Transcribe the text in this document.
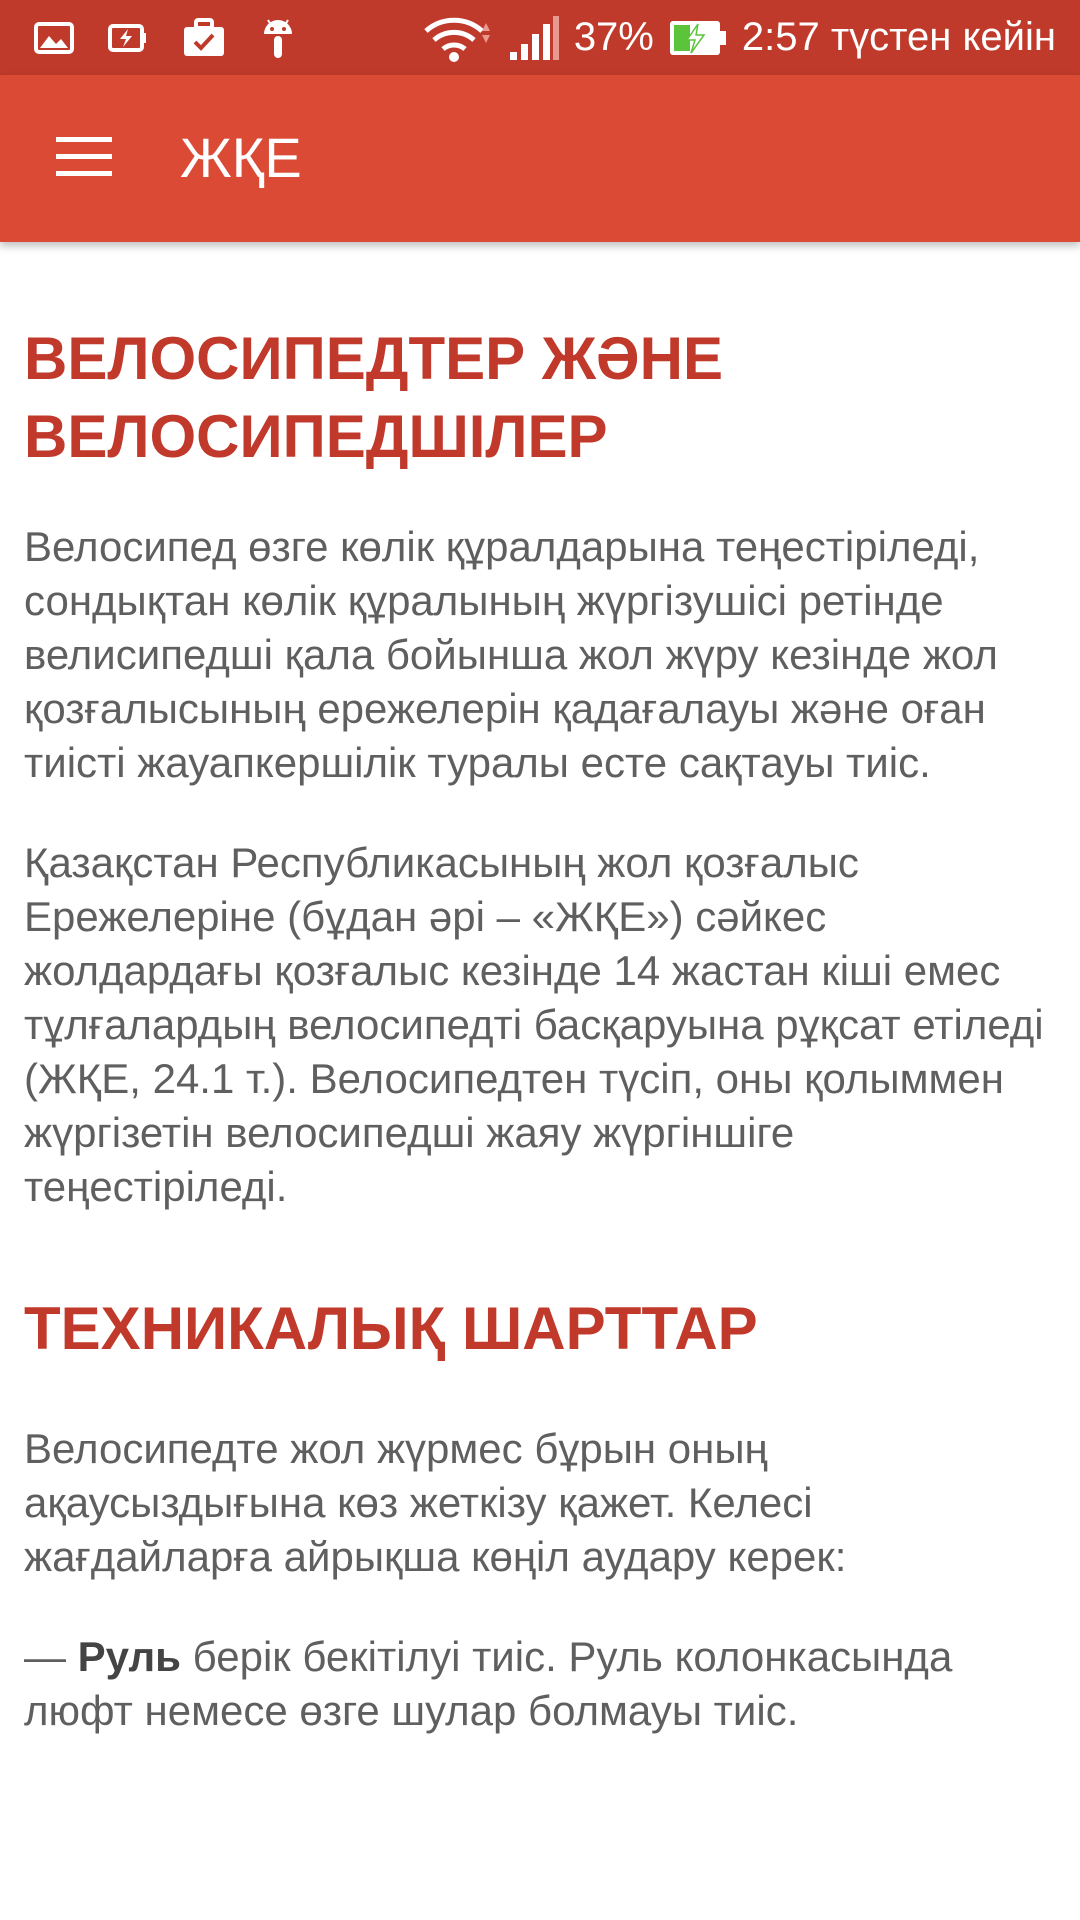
37% 2:57 түстен кейін
ЖҚЕ
ВЕЛОСИПЕДТЕР ЖӘНЕ ВЕЛОСИПЕДШІЛЕР

Велосипед өзге көлік құралдарына теңестіріледі, сондықтан көлік құралының жүргізушісі ретінде велисипедші қала бойынша жол жүру кезінде жол қозғалысының ережелерін қадағалауы және оған тиісті жауапкершілік туралы есте сақтауы тиіс.

Қазақстан Республикасының жол қозғалыс Ережелеріне (бұдан әрі – «ЖҚЕ») сәйкес жолдардағы қозғалыс кезінде 14 жастан кіші емес тұлғалардың велосипедті басқаруына рұқсат етіледі (ЖҚЕ, 24.1 т.). Велосипедтен түсіп, оны қолыммен жүргізетін велосипедші жаяу жүргіншіге теңестіріледі.

ТЕХНИКАЛЫҚ ШАРТТАР

Велосипедте жол жүрмес бұрын оның ақаусыздығына көз жеткізу қажет. Келесі жағдайларға айрықша көңіл аудару керек:

— Руль берік бекітілуі тиіс. Руль колонкасында люфт немесе өзге шулар болмауы тиіс.
